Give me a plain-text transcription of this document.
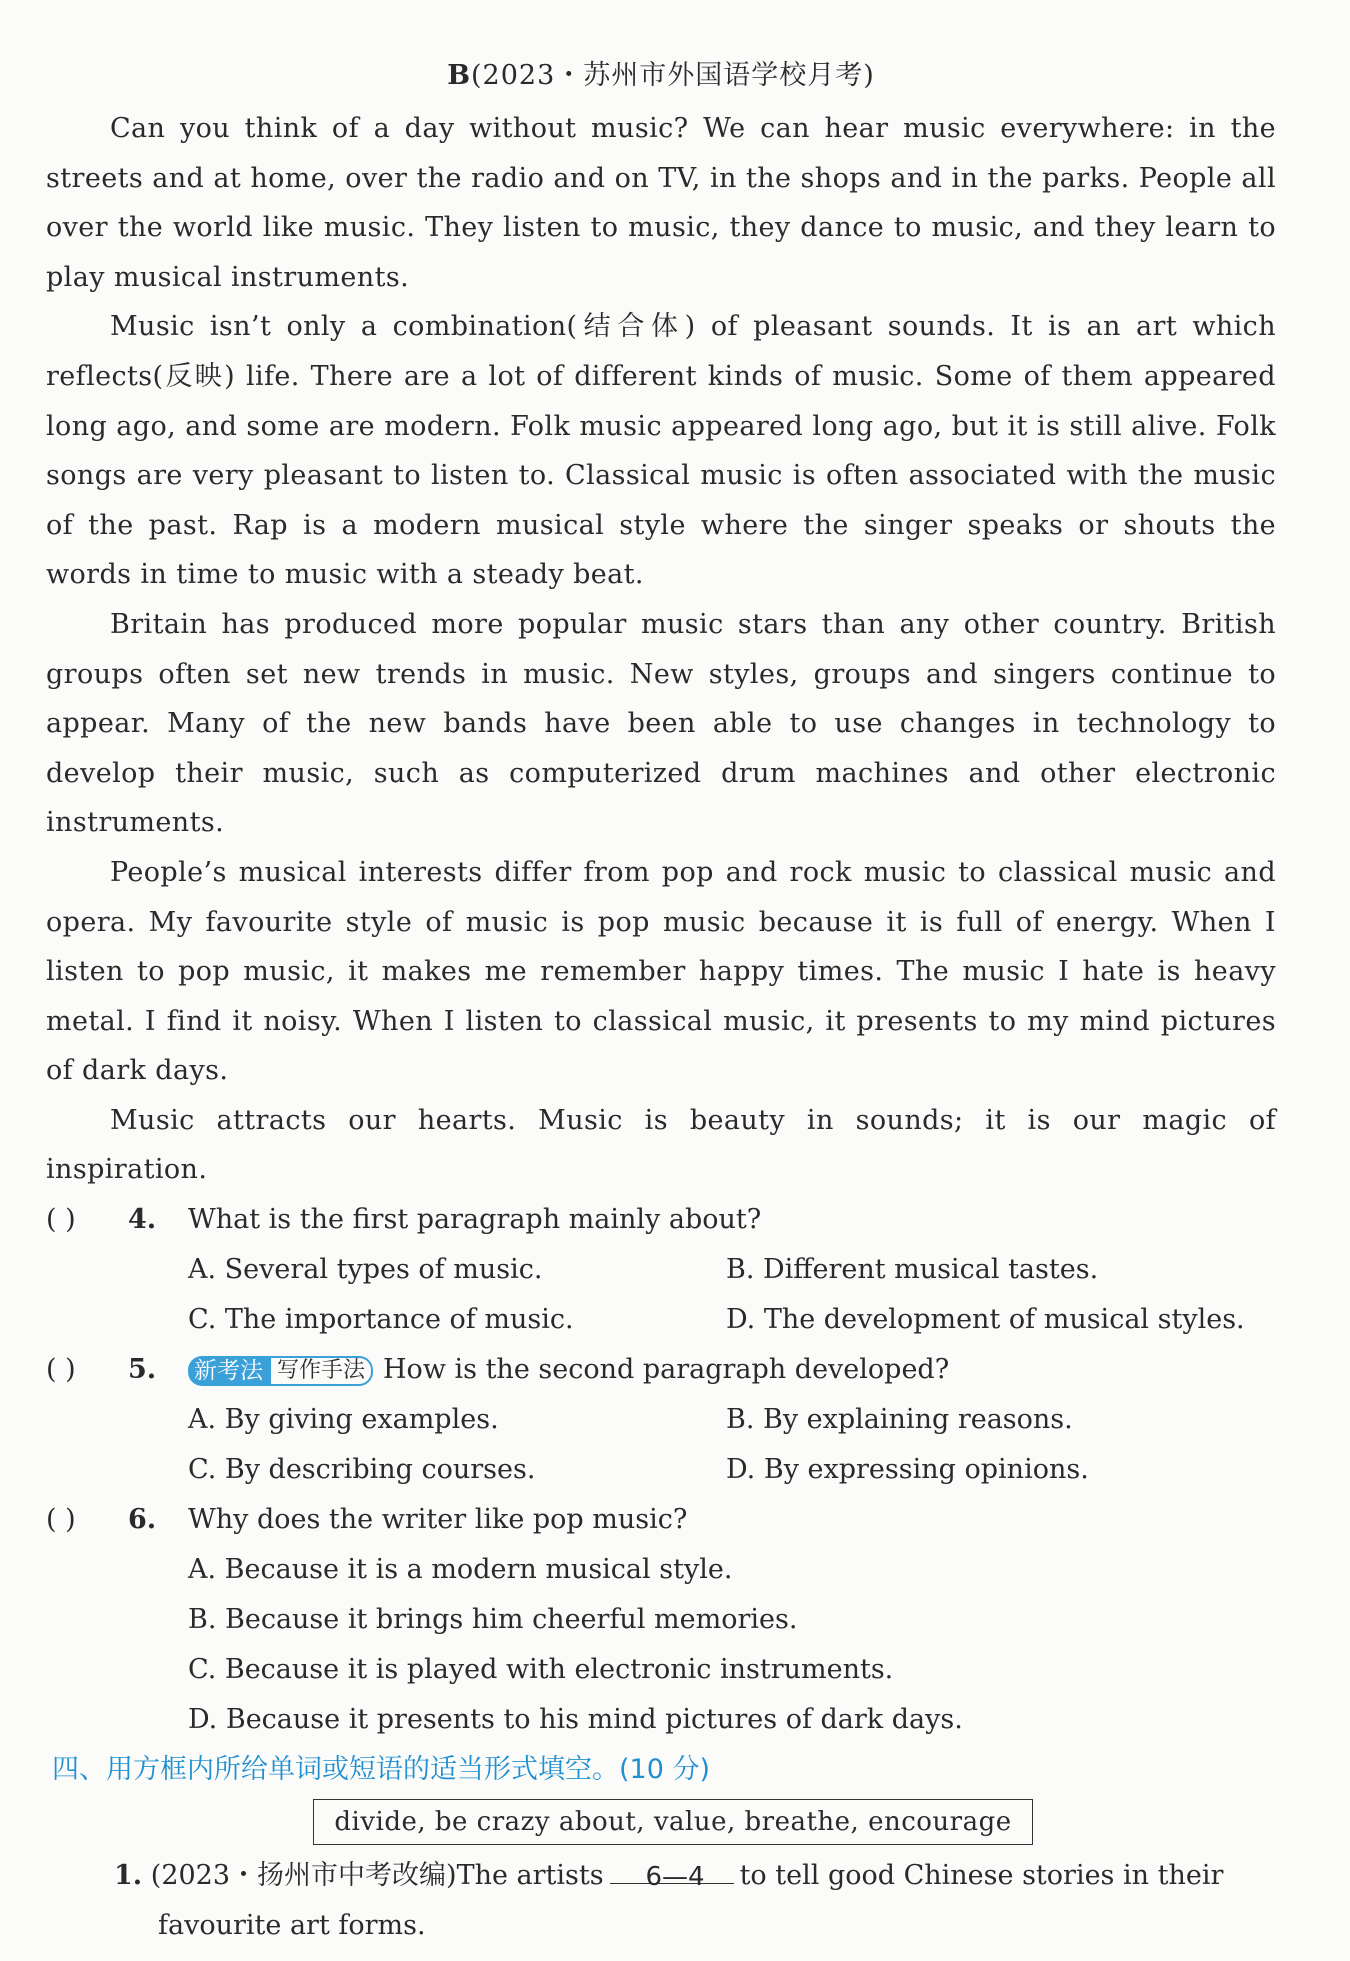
B(2023・苏州市外国语学校月考)

Can you think of a day without music? We can hear music everywhere: in the streets and at home, over the radio and on TV, in the shops and in the parks. People all over the world like music. They listen to music, they dance to music, and they learn to play musical instruments.

Music isn’t only a combination(结合体) of pleasant sounds. It is an art which reflects(反映) life. There are a lot of different kinds of music. Some of them appeared long ago, and some are modern. Folk music appeared long ago, but it is still alive. Folk songs are very pleasant to listen to. Classical music is often associated with the music of the past. Rap is a modern musical style where the singer speaks or shouts the words in time to music with a steady beat.

Britain has produced more popular music stars than any other country. British groups often set new trends in music. New styles, groups and singers continue to appear. Many of the new bands have been able to use changes in technology to develop their music, such as computerized drum machines and other electronic instruments.

People’s musical interests differ from pop and rock music to classical music and opera. My favourite style of music is pop music because it is full of energy. When I listen to pop music, it makes me remember happy times. The music I hate is heavy metal. I find it noisy. When I listen to classical music, it presents to my mind pictures of dark days.

Music attracts our hearts. Music is beauty in sounds; it is our magic of inspiration.

( ) 4. What is the first paragraph mainly about?
A. Several types of music.	B. Different musical tastes.
C. The importance of music.	D. The development of musical styles.
( ) 5. 新考法 写作手法 How is the second paragraph developed?
A. By giving examples.	B. By explaining reasons.
C. By describing courses.	D. By expressing opinions.
( ) 6. Why does the writer like pop music?
A. Because it is a modern musical style.
B. Because it brings him cheerful memories.
C. Because it is played with electronic instruments.
D. Because it presents to his mind pictures of dark days.
四、用方框内所给单词或短语的适当形式填空。(10 分)
divide, be crazy about, value, breathe, encourage
1. (2023・扬州市中考改编)The artists	to tell good Chinese stories in their
favourite art forms.
6—4
